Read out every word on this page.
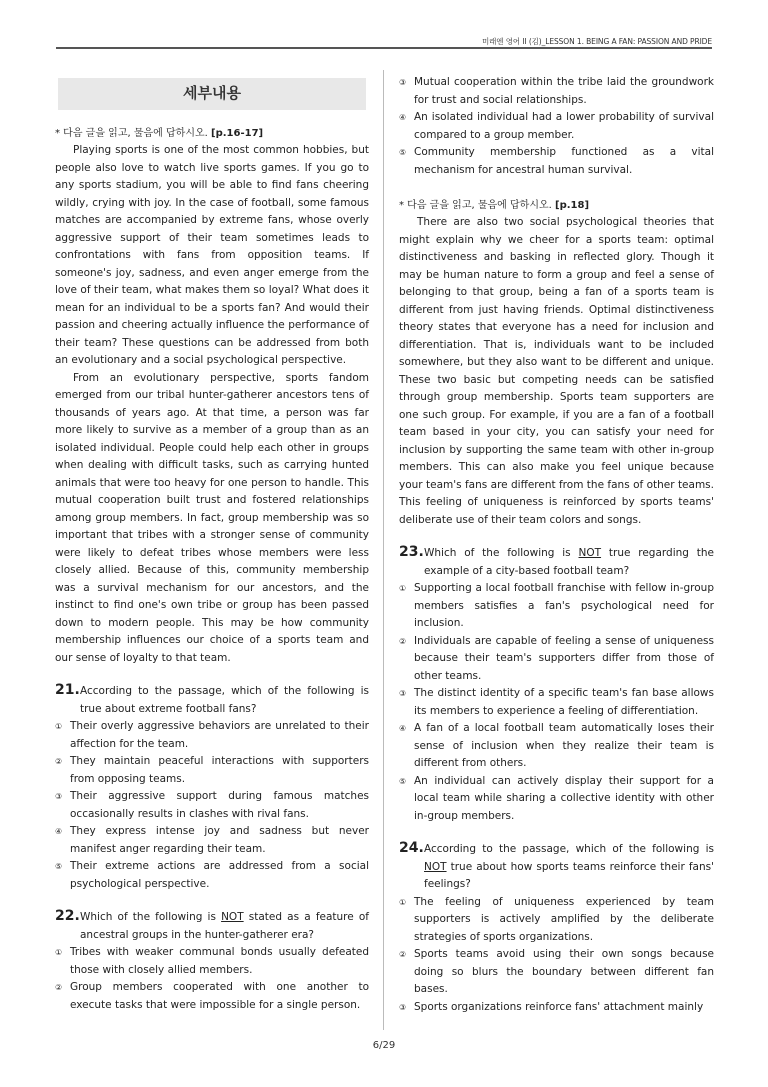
미래엔 영어 II (김)_LESSON 1. BEING A FAN: PASSION AND PRIDE
세부내용
* 다음 글을 읽고, 물음에 답하시오. [p.16-17]

Playing sports is one of the most common hobbies, but people also love to watch live sports games. If you go to any sports stadium, you will be able to find fans cheering wildly, crying with joy. In the case of football, some famous matches are accompanied by extreme fans, whose overly aggressive support of their team sometimes leads to confrontations with fans from opposition teams. If someone's joy, sadness, and even anger emerge from the love of their team, what makes them so loyal? What does it mean for an individual to be a sports fan? And would their passion and cheering actually influence the performance of their team? These questions can be addressed from both an evolutionary and a social psychological perspective.

From an evolutionary perspective, sports fandom emerged from our tribal hunter-gatherer ancestors tens of thousands of years ago. At that time, a person was far more likely to survive as a member of a group than as an isolated individual. People could help each other in groups when dealing with difficult tasks, such as carrying hunted animals that were too heavy for one person to handle. This mutual cooperation built trust and fostered relationships among group members. In fact, group membership was so important that tribes with a stronger sense of community were likely to defeat tribes whose members were less closely allied. Because of this, community membership was a survival mechanism for our ancestors, and the instinct to find one's own tribe or group has been passed down to modern people. This may be how community membership influences our choice of a sports team and our sense of loyalty to that team.

21. According to the passage, which of the following is true about extreme football fans?
① Their overly aggressive behaviors are unrelated to their affection for the team.
② They maintain peaceful interactions with supporters from opposing teams.
③ Their aggressive support during famous matches occasionally results in clashes with rival fans.
④ They express intense joy and sadness but never manifest anger regarding their team.
⑤ Their extreme actions are addressed from a social psychological perspective.
22. Which of the following is NOT stated as a feature of ancestral groups in the hunter-gatherer era?
① Tribes with weaker communal bonds usually defeated those with closely allied members.
② Group members cooperated with one another to execute tasks that were impossible for a single person.
③ Mutual cooperation within the tribe laid the groundwork for trust and social relationships.
④ An isolated individual had a lower probability of survival compared to a group member.
⑤ Community membership functioned as a vital mechanism for ancestral human survival.
* 다음 글을 읽고, 물음에 답하시오. [p.18]

There are also two social psychological theories that might explain why we cheer for a sports team: optimal distinctiveness and basking in reflected glory. Though it may be human nature to form a group and feel a sense of belonging to that group, being a fan of a sports team is different from just having friends. Optimal distinctiveness theory states that everyone has a need for inclusion and differentiation. That is, individuals want to be included somewhere, but they also want to be different and unique. These two basic but competing needs can be satisfied through group membership. Sports team supporters are one such group. For example, if you are a fan of a football team based in your city, you can satisfy your need for inclusion by supporting the same team with other in-group members. This can also make you feel unique because your team's fans are different from the fans of other teams. This feeling of uniqueness is reinforced by sports teams' deliberate use of their team colors and songs.

23. Which of the following is NOT true regarding the example of a city-based football team?
① Supporting a local football franchise with fellow in-group members satisfies a fan's psychological need for inclusion.
② Individuals are capable of feeling a sense of uniqueness because their team's supporters differ from those of other teams.
③ The distinct identity of a specific team's fan base allows its members to experience a feeling of differentiation.
④ A fan of a local football team automatically loses their sense of inclusion when they realize their team is different from others.
⑤ An individual can actively display their support for a local team while sharing a collective identity with other in-group members.
24. According to the passage, which of the following is NOT true about how sports teams reinforce their fans' feelings?
① The feeling of uniqueness experienced by team supporters is actively amplified by the deliberate strategies of sports organizations.
② Sports teams avoid using their own songs because doing so blurs the boundary between different fan bases.
③ Sports organizations reinforce fans' attachment mainly
6/29
